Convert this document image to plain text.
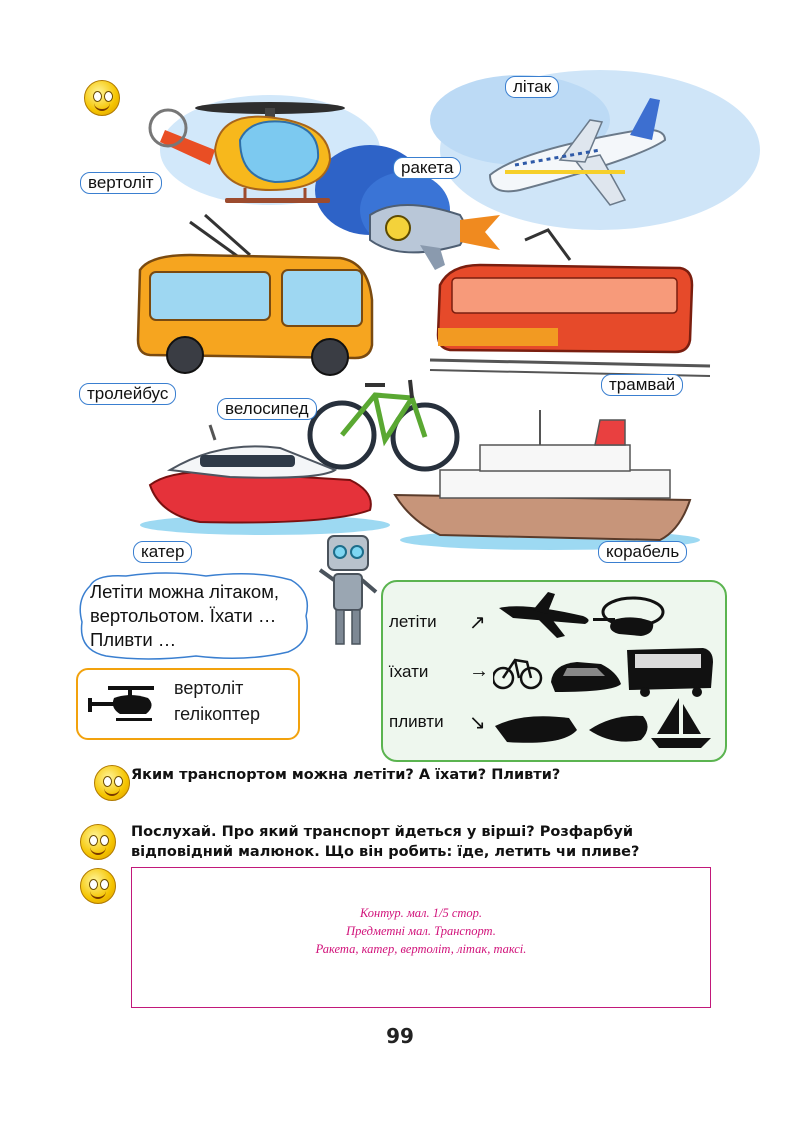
літак
ракета
вертоліт
тролейбус
велосипед
трамвай
катер	корабель
Летіти можна літаком,
вертольотом. Їхати …
Пливти …
вертоліт
гелікоптер
летіти ↗
їхати →
пливти ↘
Яким транспортом можна летіти? А їхати? Пливти?
Послухай. Про який транспорт йдеться у вірші? Розфарбуй
відповідний малюнок. Що він робить: їде, летить чи пливе?
Контур. мал. 1/5 стор.
Предметні мал. Транспорт.
Ракета, катер, вертоліт, літак, таксі.
99
